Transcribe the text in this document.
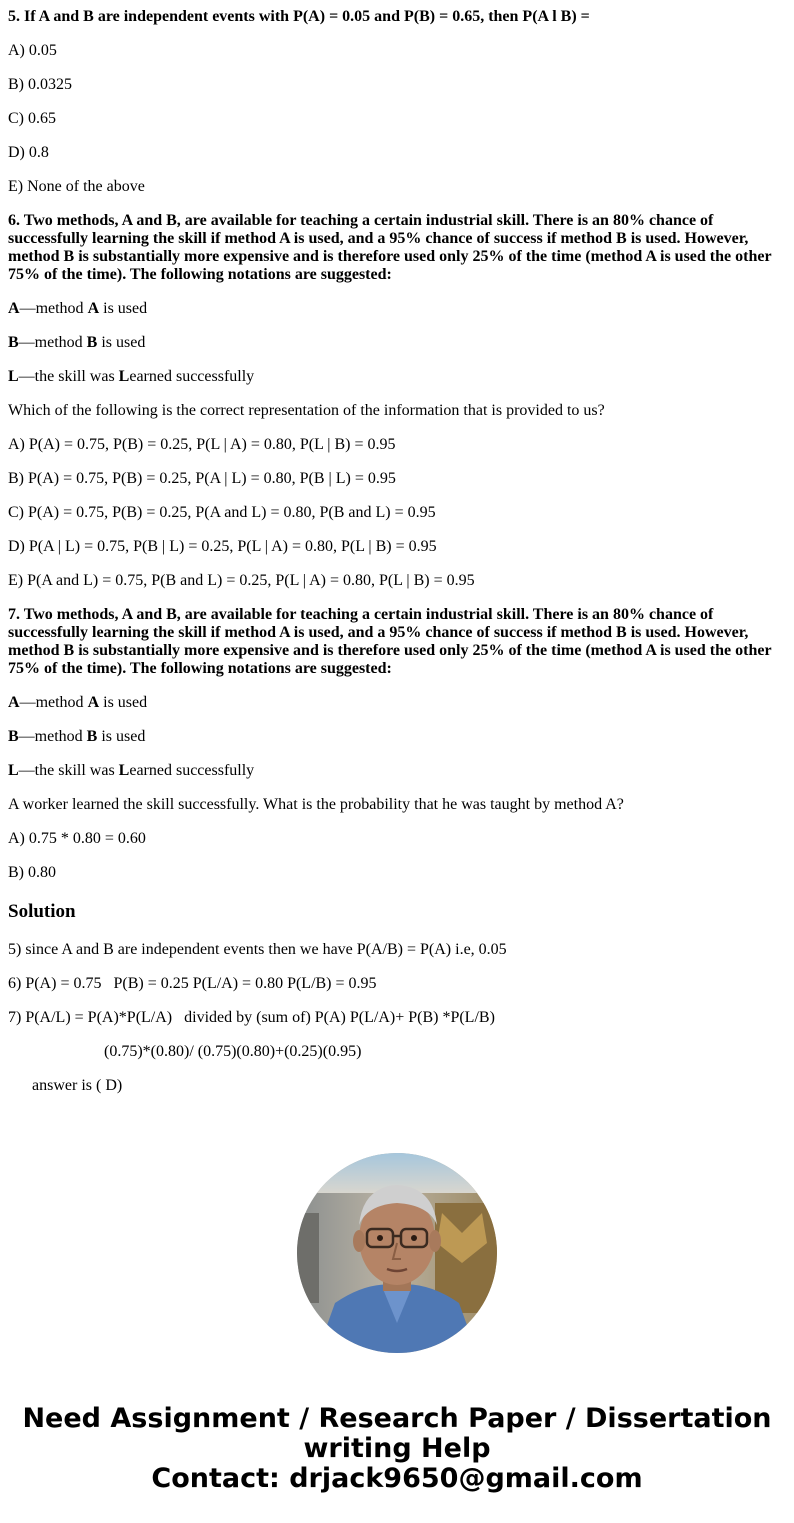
5. If A and B are independent events with P(A) = 0.05 and P(B) = 0.65, then P(A l B) =

A) 0.05

B) 0.0325

C) 0.65

D) 0.8

E) None of the above

6. Two methods, A and B, are available for teaching a certain industrial skill. There is an 80% chance of successfully learning the skill if method A is used, and a 95% chance of success if method B is used. However, method B is substantially more expensive and is therefore used only 25% of the time (method A is used the other 75% of the time). The following notations are suggested:

A—method A is used

B—method B is used

L—the skill was Learned successfully

Which of the following is the correct representation of the information that is provided to us?

A) P(A) = 0.75, P(B) = 0.25, P(L | A) = 0.80, P(L | B) = 0.95

B) P(A) = 0.75, P(B) = 0.25, P(A | L) = 0.80, P(B | L) = 0.95

C) P(A) = 0.75, P(B) = 0.25, P(A and L) = 0.80, P(B and L) = 0.95

D) P(A | L) = 0.75, P(B | L) = 0.25, P(L | A) = 0.80, P(L | B) = 0.95

E) P(A and L) = 0.75, P(B and L) = 0.25, P(L | A) = 0.80, P(L | B) = 0.95

7. Two methods, A and B, are available for teaching a certain industrial skill. There is an 80% chance of successfully learning the skill if method A is used, and a 95% chance of success if method B is used. However, method B is substantially more expensive and is therefore used only 25% of the time (method A is used the other 75% of the time). The following notations are suggested:

A—method A is used

B—method B is used

L—the skill was Learned successfully

A worker learned the skill successfully. What is the probability that he was taught by method A?

A) 0.75 * 0.80 = 0.60

B) 0.80

Solution

5) since A and B are independent events then we have P(A/B) = P(A) i.e, 0.05

6) P(A) = 0.75   P(B) = 0.25 P(L/A) = 0.80 P(L/B) = 0.95

7) P(A/L) = P(A)*P(L/A)   divided by (sum of) P(A) P(L/A)+ P(B) *P(L/B)

(0.75)*(0.80)/ (0.75)(0.80)+(0.25)(0.95)

answer is ( D)

Need Assignment / Research Paper / Dissertation writing Help
Contact: drjack9650@gmail.com
